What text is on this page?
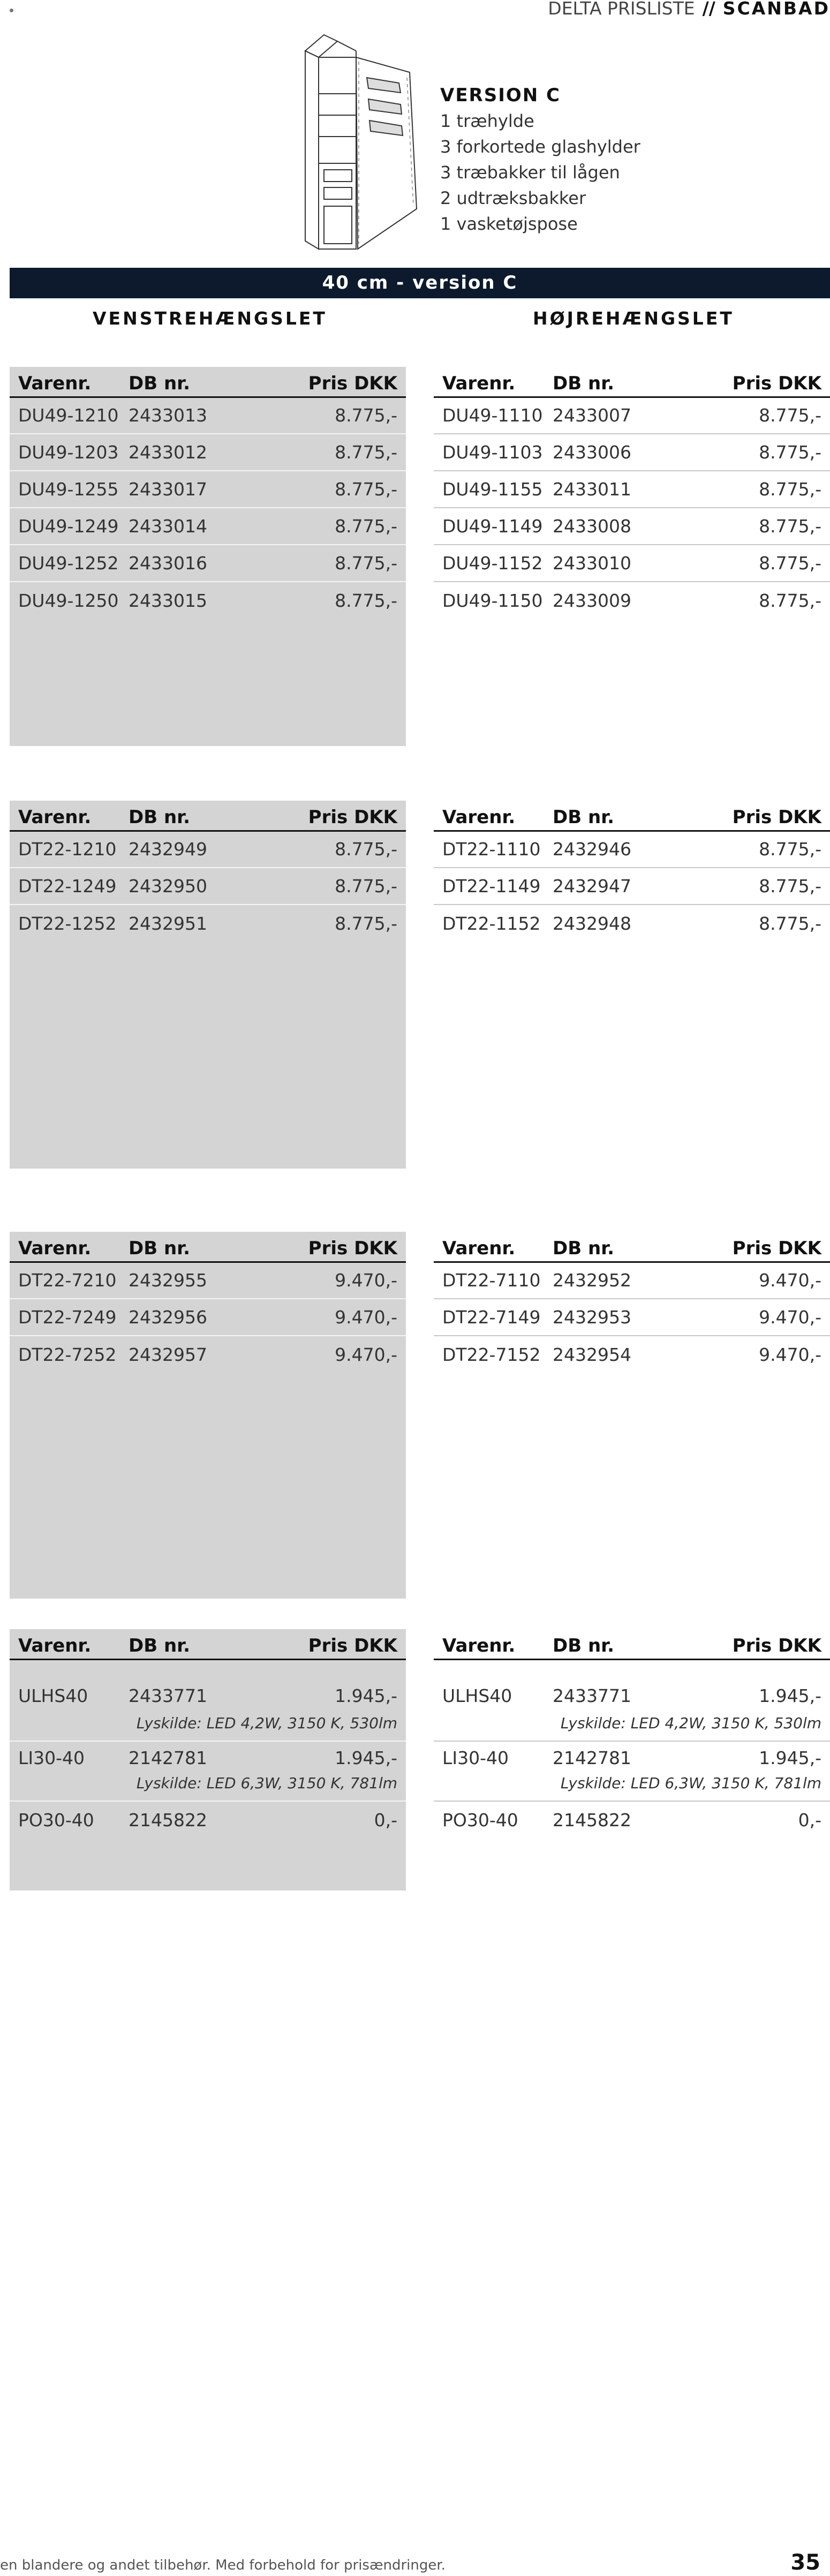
DELTA PRISLISTE // SCANBAD
VERSION C
1 træhylde
3 forkortede glashylder
3 træbakker til lågen
2 udtræksbakker
1 vasketøjspose
40 cm - version C
VENSTREHÆNGSLET	HØJREHÆNGSLET
Varenr.	DB nr.	Pris DKK
DU49-1210	2433013	8.775,-
DU49-1203	2433012	8.775,-
DU49-1255	2433017	8.775,-
DU49-1249	2433014	8.775,-
DU49-1252	2433016	8.775,-
DU49-1250	2433015	8.775,-
Varenr.	DB nr.	Pris DKK
DU49-1110	2433007	8.775,-
DU49-1103	2433006	8.775,-
DU49-1155	2433011	8.775,-
DU49-1149	2433008	8.775,-
DU49-1152	2433010	8.775,-
DU49-1150	2433009	8.775,-
Varenr.	DB nr.	Pris DKK
DT22-1210	2432949	8.775,-
DT22-1249	2432950	8.775,-
DT22-1252	2432951	8.775,-
Varenr.	DB nr.	Pris DKK
DT22-1110	2432946	8.775,-
DT22-1149	2432947	8.775,-
DT22-1152	2432948	8.775,-
Varenr.	DB nr.	Pris DKK
DT22-7210	2432955	9.470,-
DT22-7249	2432956	9.470,-
DT22-7252	2432957	9.470,-
Varenr.	DB nr.	Pris DKK
DT22-7110	2432952	9.470,-
DT22-7149	2432953	9.470,-
DT22-7152	2432954	9.470,-
Varenr.	DB nr.	Pris DKK

ULHS40	2433771	1.945,-
Lyskilde: LED 4,2W, 3150 K, 530lm		
LI30-40	2142781	1.945,-
Lyskilde: LED 6,3W, 3150 K, 781lm		
PO30-40	2145822	0,-
Varenr.	DB nr.	Pris DKK

ULHS40	2433771	1.945,-
Lyskilde: LED 4,2W, 3150 K, 530lm		
LI30-40	2142781	1.945,-
Lyskilde: LED 6,3W, 3150 K, 781lm		
PO30-40	2145822	0,-
en blandere og andet tilbehør. Med forbehold for prisændringer.	35
